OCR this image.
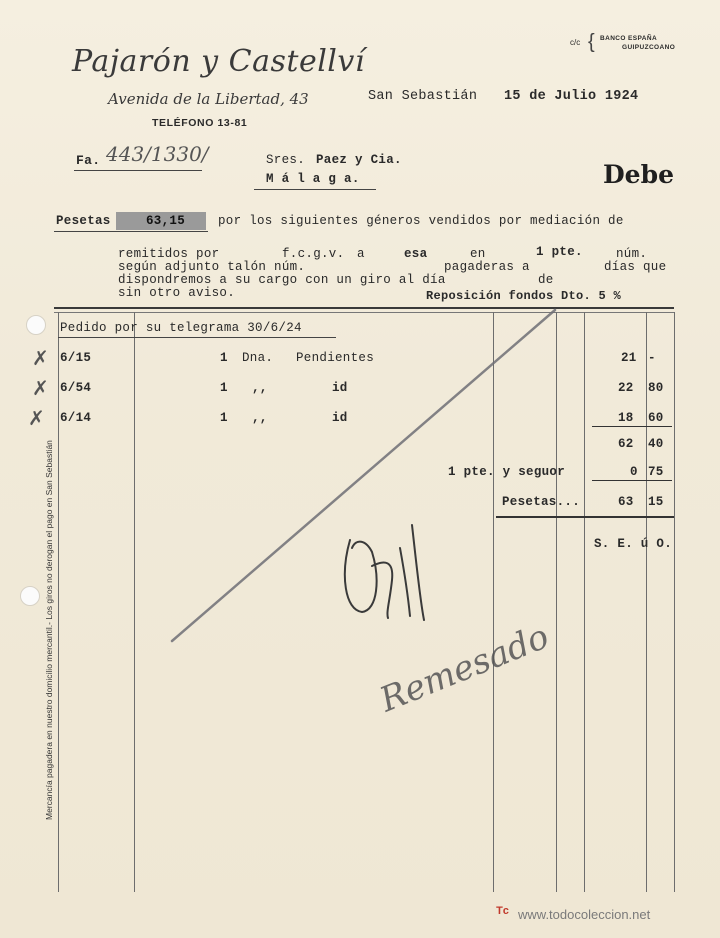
Pajarón y Castellví
Avenida de la Libertad, 43
TELÉFONO 13-81
c/c { BANCO ESPAÑA
GUIPUZCOANO
San Sebastián 15 de Julio 1924
Fa. 443/1330/	Sres. Paez y Cia.
M á l a g a.	Debe
Pesetas	63,15	por los siguientes géneros vendidos por mediación de
remitidos por	f.c.g.v. a	esa	en	1 pte.	núm.
según adjunto talón núm.	pagaderas a	días que
dispondremos a su cargo con un giro al día	de
sin otro aviso.	Reposición fondos Dto. 5 %
Pedido por su telegrama 30/6/24
6/15	1 Dna. Pendientes	21 -
6/54	1 ,,	id	22 80
6/14	1 ,,	id	18 60
62 40
1 pte. y seguor	0 75
Pesetas...	63 15
S. E. ú O.
✗
✗
✗
Mercancía pagadera en nuestro domicilio mercantil.- Los giros no derogan el pago en San Sebastián	Remesado
ᵀᶜ www.todocoleccion.net
